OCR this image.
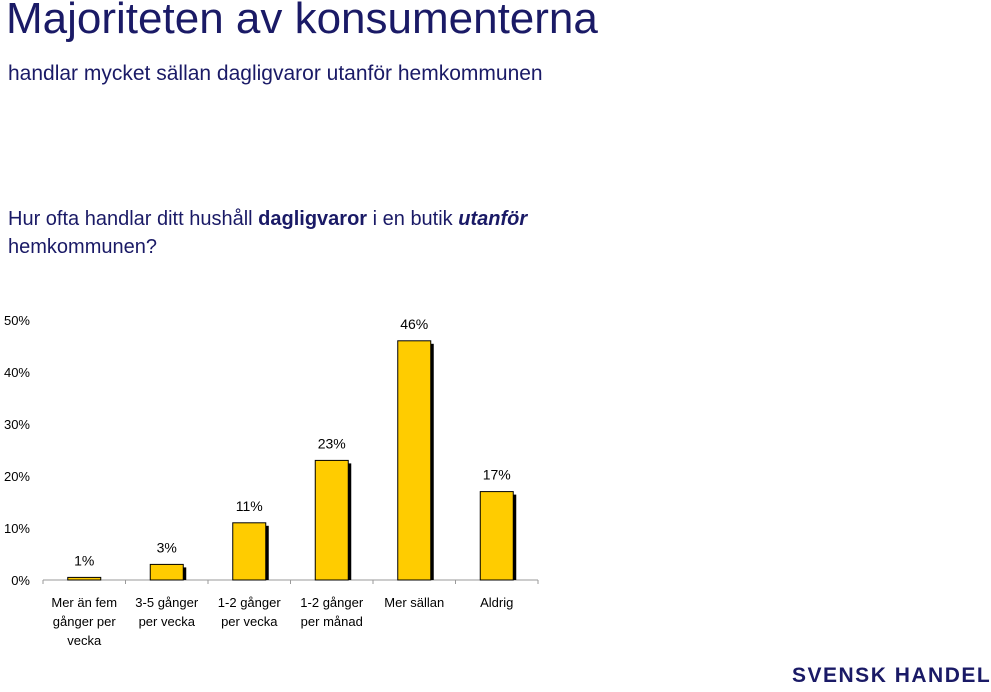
Majoriteten av konsumenterna
handlar mycket sällan dagligvaror utanför hemkommunen
Hur ofta handlar ditt hushåll dagligvaror i en butik utanför
hemkommunen?
0%
10%
20%
30%
40%
50%
1%
Mer än fem
gånger per
vecka
3%
3-5 gånger
per vecka
11%
1-2 gånger
per vecka
23%
1-2 gånger
per månad
46%
Mer sällan
17%
Aldrig
SVENSK HANDEL
